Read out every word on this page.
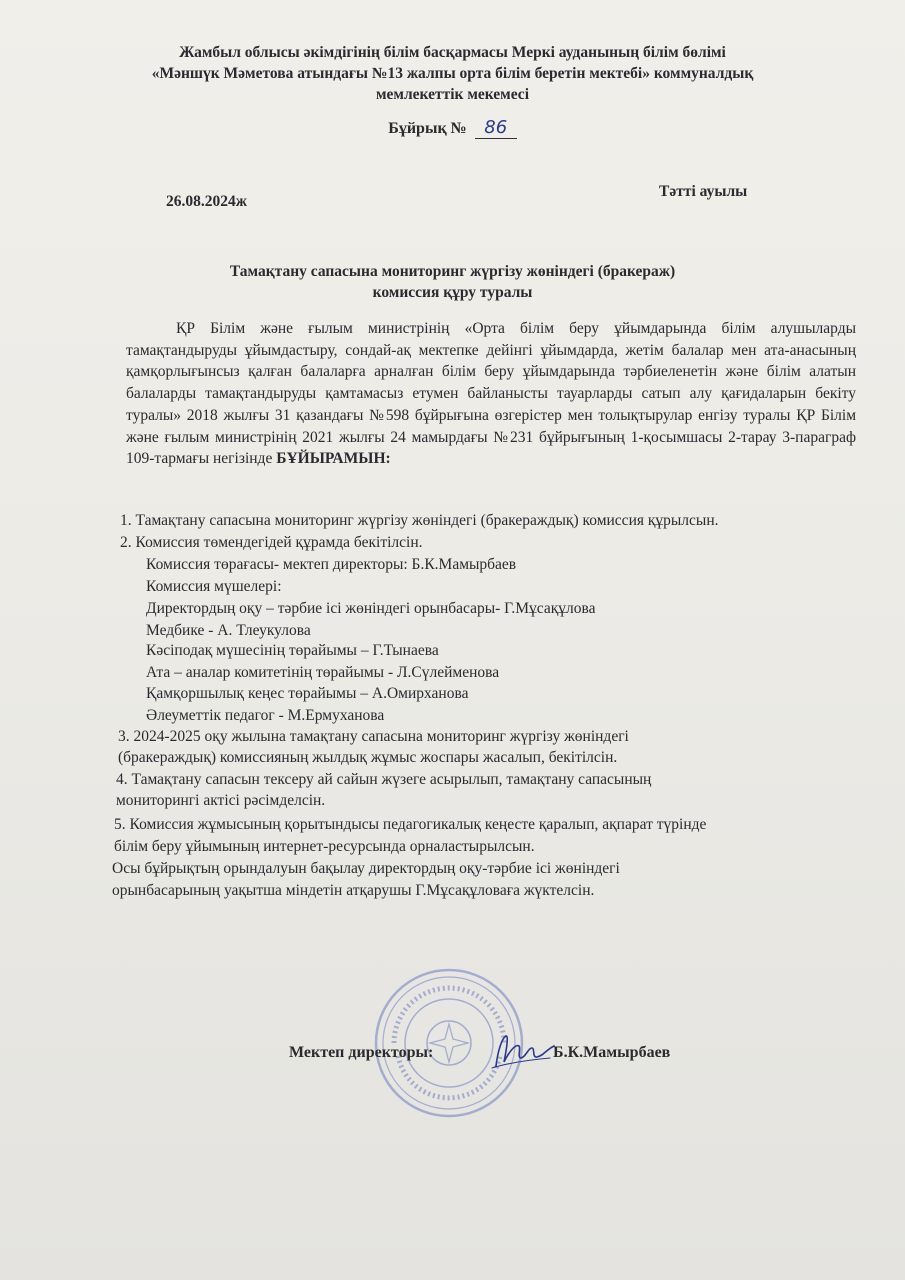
Жамбыл облысы әкімдігінің білім басқармасы Меркі ауданының білім бөлімі
«Мәншүк Мәметова атындағы №13 жалпы орта білім беретін мектебі» коммуналдық
мемлекеттік мекемесі
Бұйрық № 86
26.08.2024ж
Тәтті ауылы
Тамақтану сапасына мониторинг жүргізу жөніндегі (бракераж)
комиссия құру туралы

ҚР Білім және ғылым министрінің «Орта білім беру ұйымдарында білім алушыларды тамақтандыруды ұйымдастыру, сондай-ақ мектепке дейінгі ұйымдарда, жетім балалар мен ата-анасының қамқорлығынсыз қалған балаларға арналған білім беру ұйымдарында тәрбиеленетін және білім алатын балаларды тамақтандыруды қамтамасыз етумен байланысты тауарларды сатып алу қағидаларын бекіту туралы» 2018 жылғы 31 қазандағы №598 бұйрығына өзгерістер мен толықтырулар енгізу туралы ҚР Білім және ғылым министрінің 2021 жылғы 24 мамырдағы №231 бұйрығының 1-қосымшасы 2-тарау 3-параграф 109-тармағы негізінде БҰЙЫРАМЫН:

1. Тамақтану сапасына мониторинг жүргізу жөніндегі (бракераждық) комиссия құрылсын.
2. Комиссия төмендегідей құрамда бекітілсін.
Комиссия төрағасы- мектеп директоры: Б.К.Мамырбаев
Комиссия мүшелері:
Директордың оқу – тәрбие ісі жөніндегі орынбасары- Г.Мұсақұлова
Медбике - А. Тлеукулова
Кәсіподақ мүшесінің төрайымы – Г.Тынаева
Ата – аналар комитетінің төрайымы - Л.Сүлейменова
Қамқоршылық кеңес төрайымы – А.Омирханова
Әлеуметтік педагог - М.Ермуханова
3. 2024-2025 оқу жылына тамақтану сапасына мониторинг жүргізу жөніндегі
(бракераждық) комиссияның жылдық жұмыс жоспары жасалып, бекітілсін.
4. Тамақтану сапасын тексеру ай сайын жүзеге асырылып, тамақтану сапасының
мониторингі актісі рәсімделсін.
5. Комиссия жұмысының қорытындысы педагогикалық кеңесте қаралып, ақпарат түрінде
білім беру ұйымының интернет-ресурсында орналастырылсын.
Осы бұйрықтың орындалуын бақылау директордың оқу-тәрбие ісі жөніндегі
орынбасарының уақытша міндетін атқарушы Г.Мұсақұловаға жүктелсін.
Мектеп директоры:	Б.К.Мамырбаев
